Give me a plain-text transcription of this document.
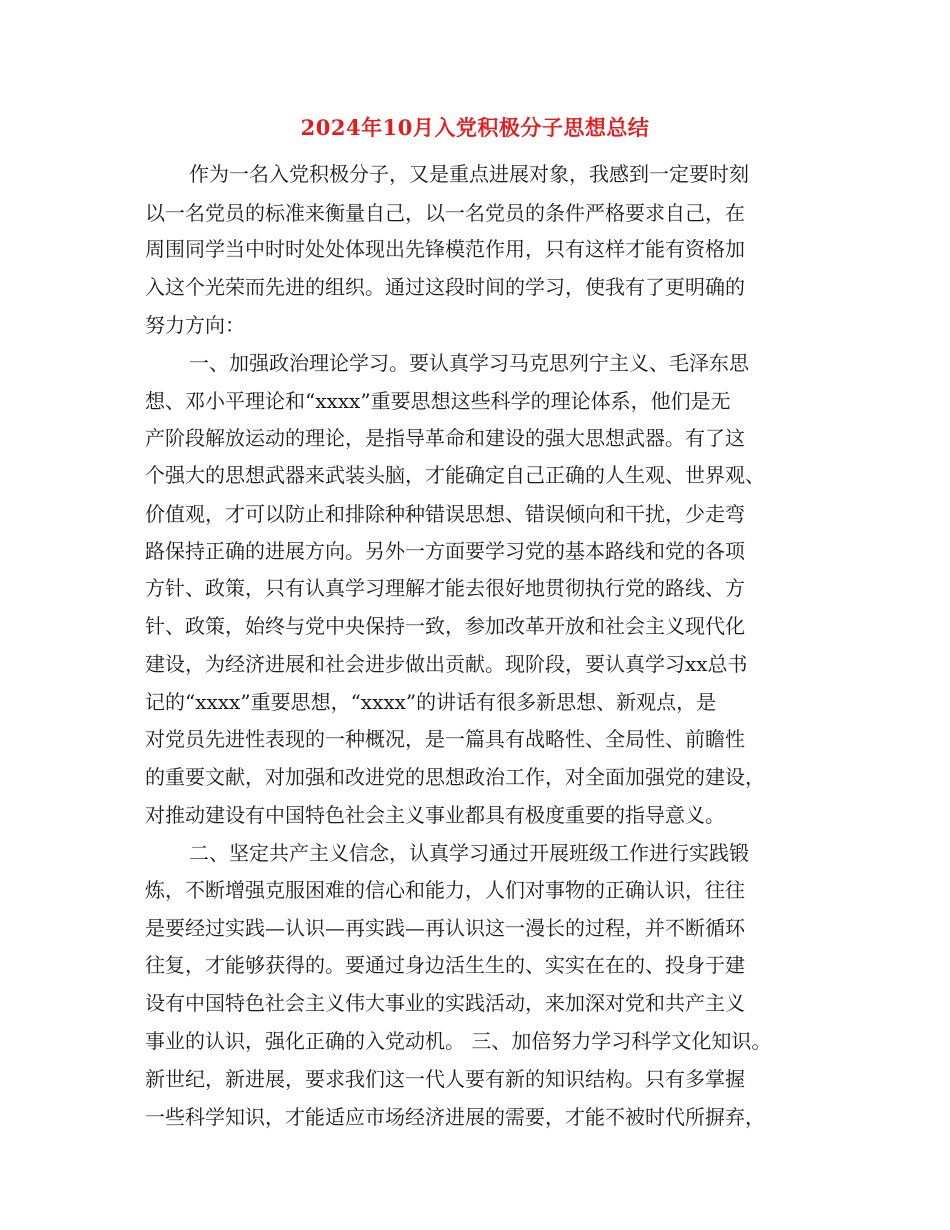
2024年10月入党积极分子思想总结
作为一名入党积极分子，又是重点进展对象，我感到一定要时刻
以一名党员的标准来衡量自己，以一名党员的条件严格要求自己，在
周围同学当中时时处处体现出先锋模范作用，只有这样才能有资格加
入这个光荣而先进的组织。通过这段时间的学习，使我有了更明确的
努力方向：
一、加强政治理论学习。要认真学习马克思列宁主义、毛泽东思
想、邓小平理论和“xxxx”重要思想这些科学的理论体系，他们是无
产阶段解放运动的理论，是指导革命和建设的强大思想武器。有了这
个强大的思想武器来武装头脑，才能确定自己正确的人生观、世界观、
价值观，才可以防止和排除种种错误思想、错误倾向和干扰，少走弯
路保持正确的进展方向。另外一方面要学习党的基本路线和党的各项
方针、政策，只有认真学习理解才能去很好地贯彻执行党的路线、方
针、政策，始终与党中央保持一致，参加改革开放和社会主义现代化
建设，为经济进展和社会进步做出贡献。现阶段，要认真学习xx总书
记的“xxxx”重要思想，“xxxx”的讲话有很多新思想、新观点，是
对党员先进性表现的一种概况，是一篇具有战略性、全局性、前瞻性
的重要文献，对加强和改进党的思想政治工作，对全面加强党的建设，
对推动建设有中国特色社会主义事业都具有极度重要的指导意义。
二、坚定共产主义信念，认真学习通过开展班级工作进行实践锻
炼，不断增强克服困难的信心和能力，人们对事物的正确认识，往往
是要经过实践—认识—再实践—再认识这一漫长的过程，并不断循环
往复，才能够获得的。要通过身边活生生的、实实在在的、投身于建
设有中国特色社会主义伟大事业的实践活动，来加深对党和共产主义
事业的认识，强化正确的入党动机。 三、加倍努力学习科学文化知识。
新世纪，新进展，要求我们这一代人要有新的知识结构。只有多掌握
一些科学知识，才能适应市场经济进展的需要，才能不被时代所摒弃，
